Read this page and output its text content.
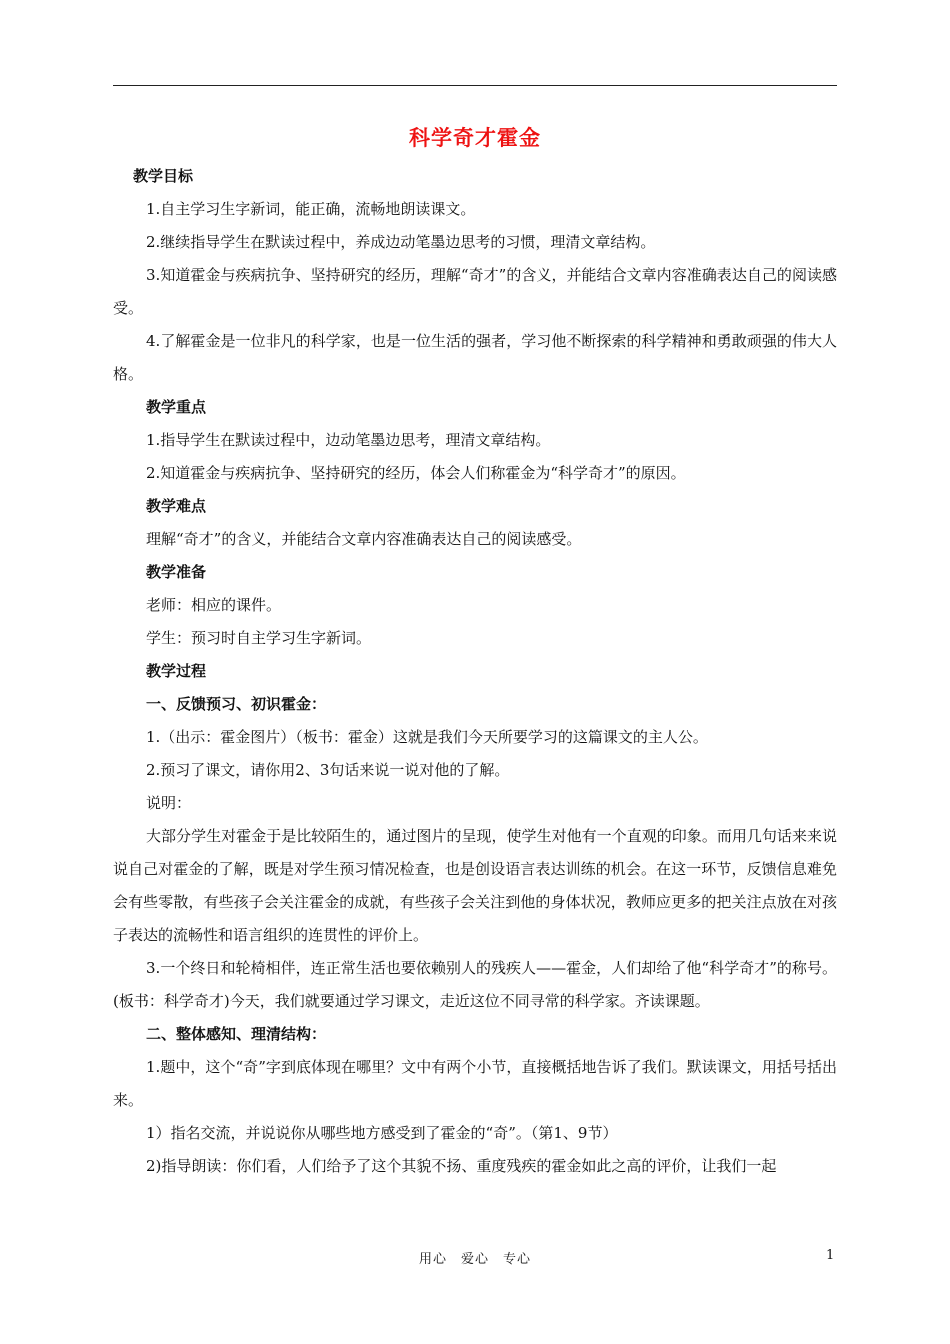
科学奇才霍金

教学目标

1.自主学习生字新词，能正确，流畅地朗读课文。

2.继续指导学生在默读过程中，养成边动笔墨边思考的习惯，理清文章结构。

3.知道霍金与疾病抗争、坚持研究的经历，理解“奇才”的含义，并能结合文章内容准确表达自己的阅读感受。

4.了解霍金是一位非凡的科学家，也是一位生活的强者，学习他不断探索的科学精神和勇敢顽强的伟大人格。

教学重点

1.指导学生在默读过程中，边动笔墨边思考，理清文章结构。

2.知道霍金与疾病抗争、坚持研究的经历，体会人们称霍金为“科学奇才”的原因。

教学难点

理解“奇才”的含义，并能结合文章内容准确表达自己的阅读感受。

教学准备

老师：相应的课件。

学生：预习时自主学习生字新词。

教学过程

一、反馈预习、初识霍金：

1.（出示：霍金图片）（板书：霍金）这就是我们今天所要学习的这篇课文的主人公。

2.预习了课文，请你用2、3句话来说一说对他的了解。

说明：

大部分学生对霍金于是比较陌生的，通过图片的呈现，使学生对他有一个直观的印象。而用几句话来来说说自己对霍金的了解，既是对学生预习情况检查，也是创设语言表达训练的机会。在这一环节，反馈信息难免会有些零散，有些孩子会关注霍金的成就，有些孩子会关注到他的身体状况，教师应更多的把关注点放在对孩子表达的流畅性和语言组织的连贯性的评价上。

3.一个终日和轮椅相伴，连正常生活也要依赖别人的残疾人——霍金，人们却给了他“科学奇才”的称号。(板书：科学奇才)今天，我们就要通过学习课文，走近这位不同寻常的科学家。齐读课题。

二、整体感知、理清结构：

1.题中，这个“奇”字到底体现在哪里？文中有两个小节，直接概括地告诉了我们。默读课文，用括号括出来。

1）指名交流，并说说你从哪些地方感受到了霍金的“奇”。（第1、9节）

2)指导朗读：你们看，人们给予了这个其貌不扬、重度残疾的霍金如此之高的评价，让我们一起

用心　爱心　专心	1
